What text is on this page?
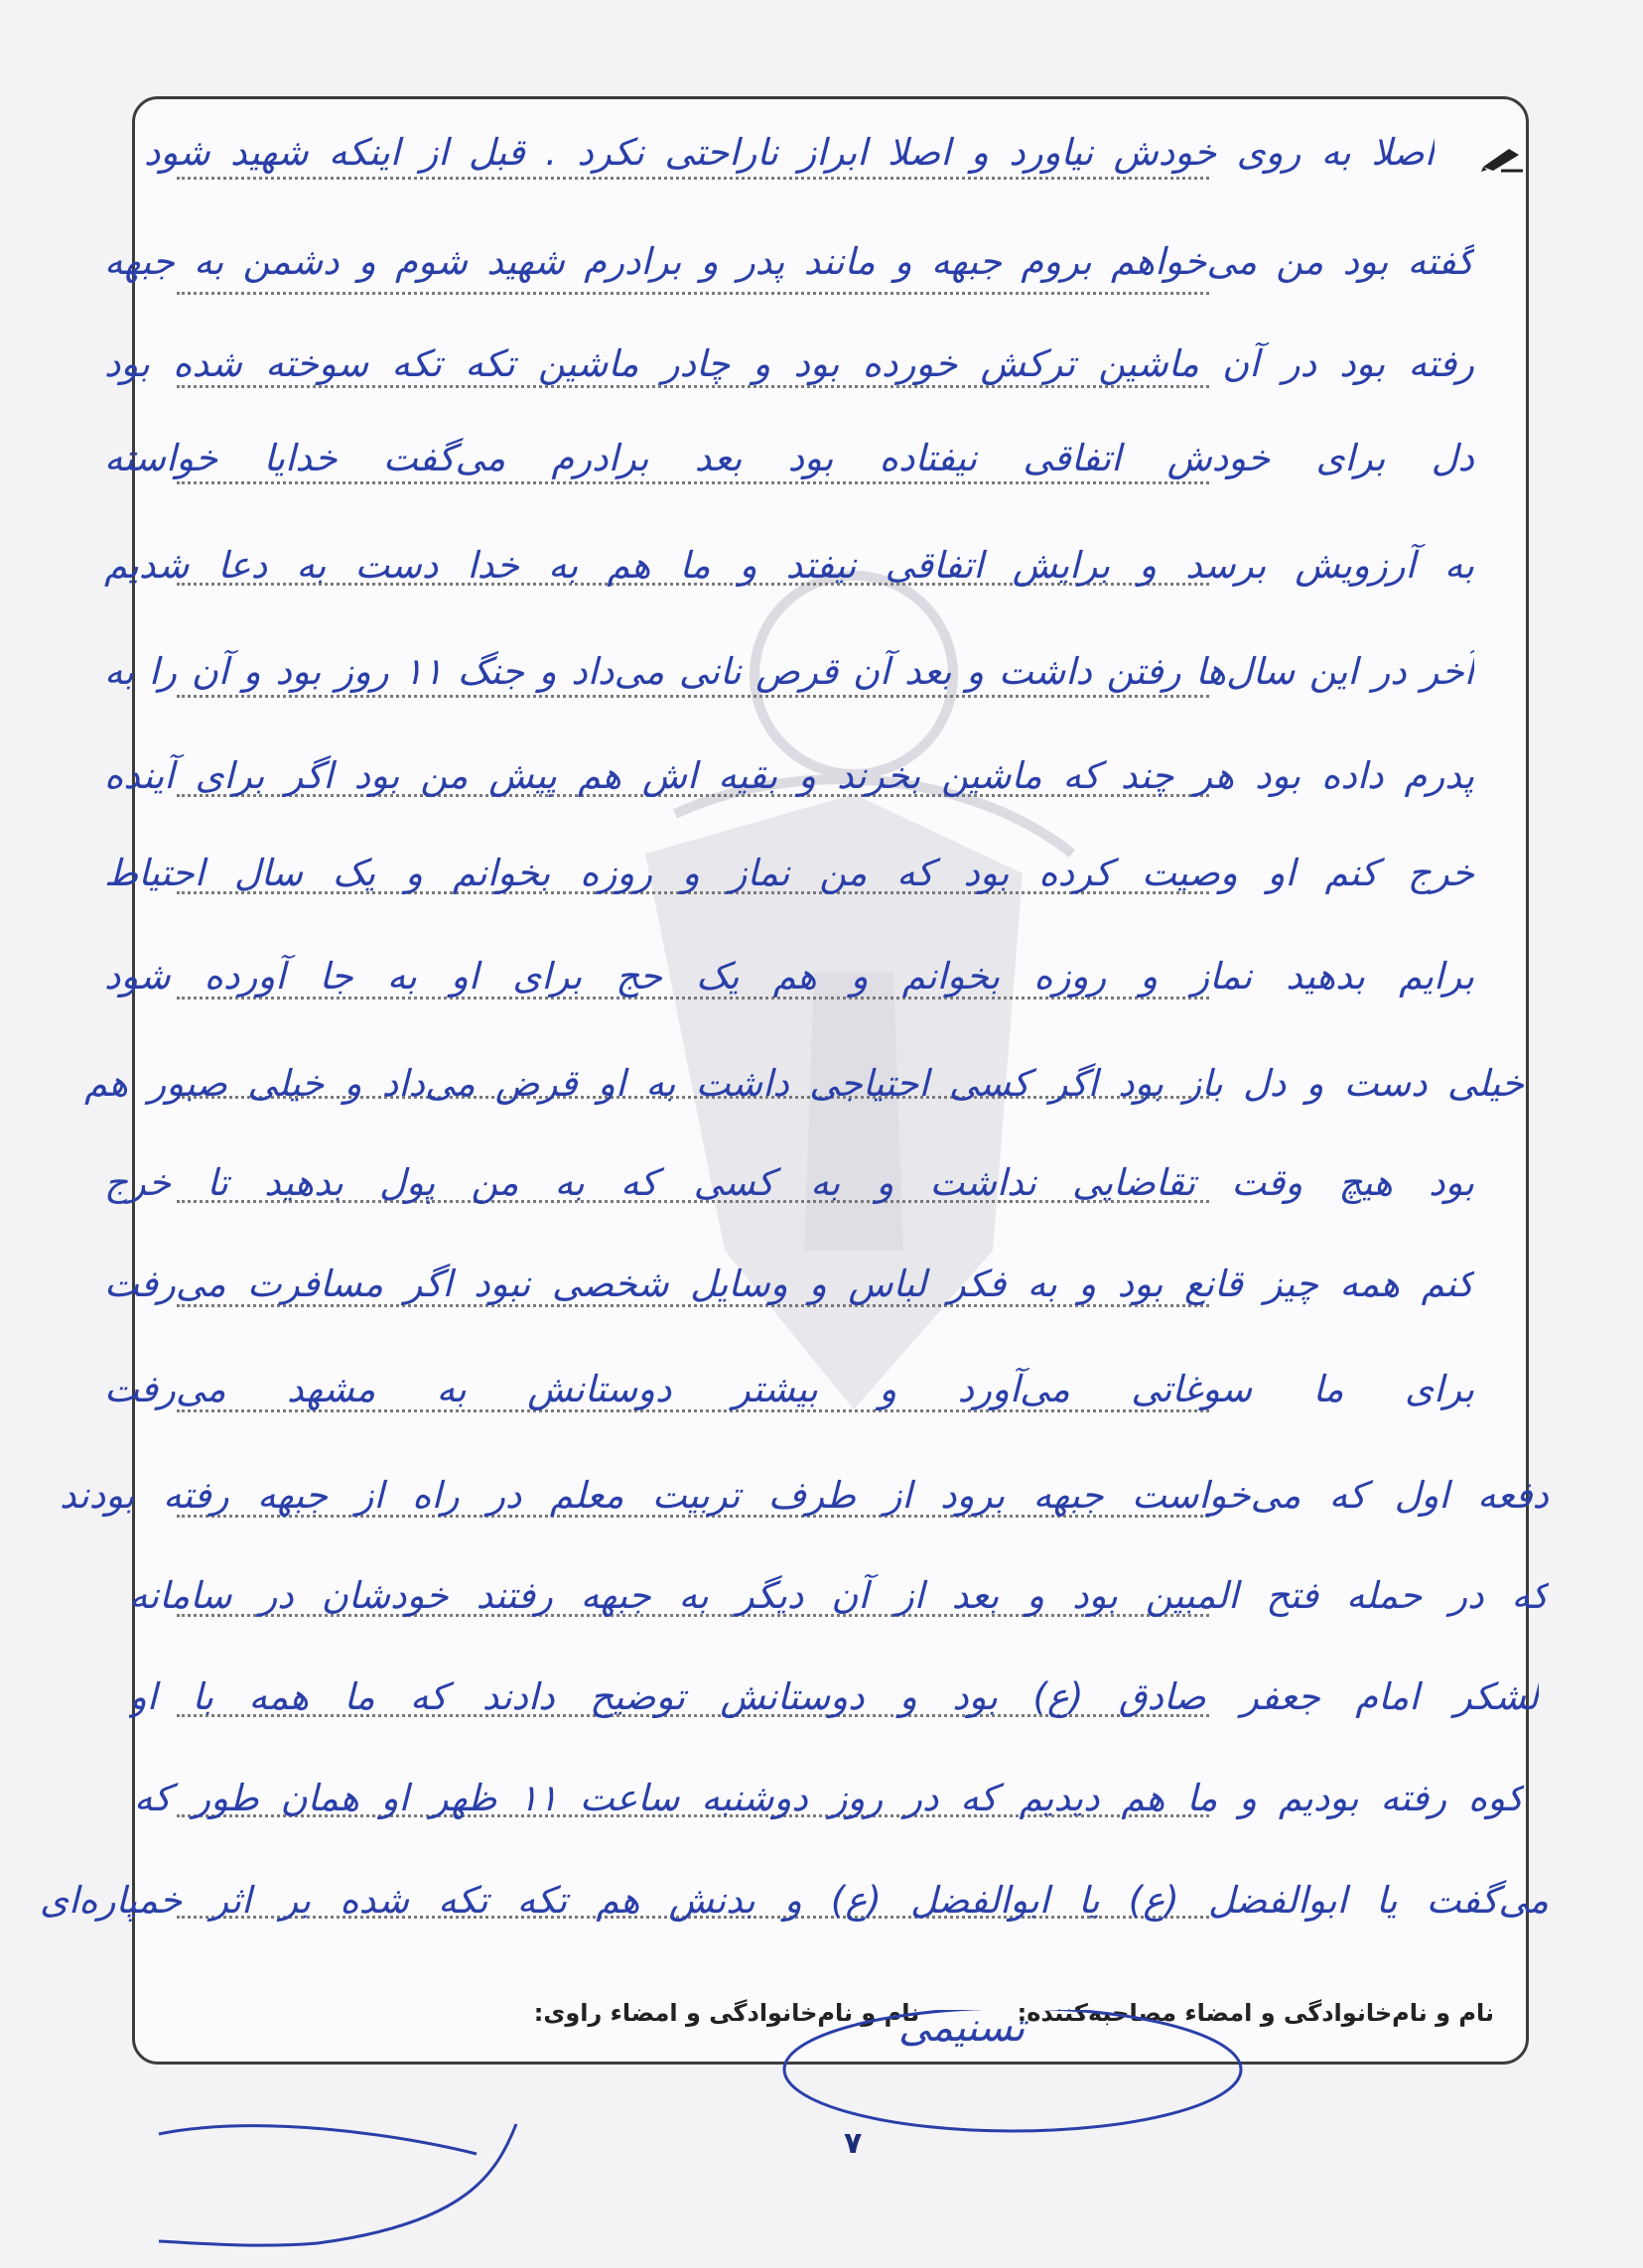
اصلا به روی خودش نیاورد و اصلا ابراز ناراحتی نکرد . قبل از اینکه شهید شود
گفته بود من می‌خواهم بروم جبهه و مانند پدر و برادرم شهید شوم و دشمن به جبهه
رفته بود در آن ماشین ترکش خورده بود و چادر ماشین تکه تکه سوخته شده بود
دل برای خودش اتفاقی نیفتاده بود بعد برادرم می‌گفت خدایا خواسته
به آرزویش برسد و برایش اتفاقی نیفتد و ما هم به خدا دست به دعا شدیم
آخر در این سال‌ها رفتن داشت و بعد آن قرص نانی می‌داد و جنگ ۱۱ روز بود و آن را به
پدرم داده بود هر چند که ماشین بخرند و بقیه اش هم پیش من بود اگر برای آینده
خرج کنم او وصیت کرده بود که من نماز و روزه بخوانم و یک سال احتیاط
برایم بدهید نماز و روزه بخوانم و هم یک حج برای او به جا آورده شود
خیلی دست و دل باز بود اگر کسی احتیاجی داشت به او قرض می‌داد و خیلی صبور هم
بود هیچ وقت تقاضایی نداشت و به کسی که به من پول بدهید تا خرج
کنم همه چیز قانع بود و به فکر لباس و وسایل شخصی نبود اگر مسافرت می‌رفت
برای ما سوغاتی می‌آورد و بیشتر دوستانش به مشهد می‌رفت
دفعه اول که می‌خواست جبهه برود از طرف تربیت معلم در راه از جبهه رفته بودند
که در حمله فتح المبین بود و بعد از آن دیگر به جبهه رفتند خودشان در سامانه
لشکر امام جعفر صادق (ع) بود و دوستانش توضیح دادند که ما همه با او
کوه رفته بودیم و ما هم دیدیم که در روز دوشنبه ساعت ۱۱ ظهر او همان طور که
می‌گفت یا ابوالفضل (ع) یا ابوالفضل (ع) و بدنش هم تکه تکه شده بر اثر خمپاره‌ای
نام و نام‌خانوادگی و امضاء مصاحبه‌کننده: نام و نام‌خانوادگی و امضاء راوی:
تسنیمی
۷
